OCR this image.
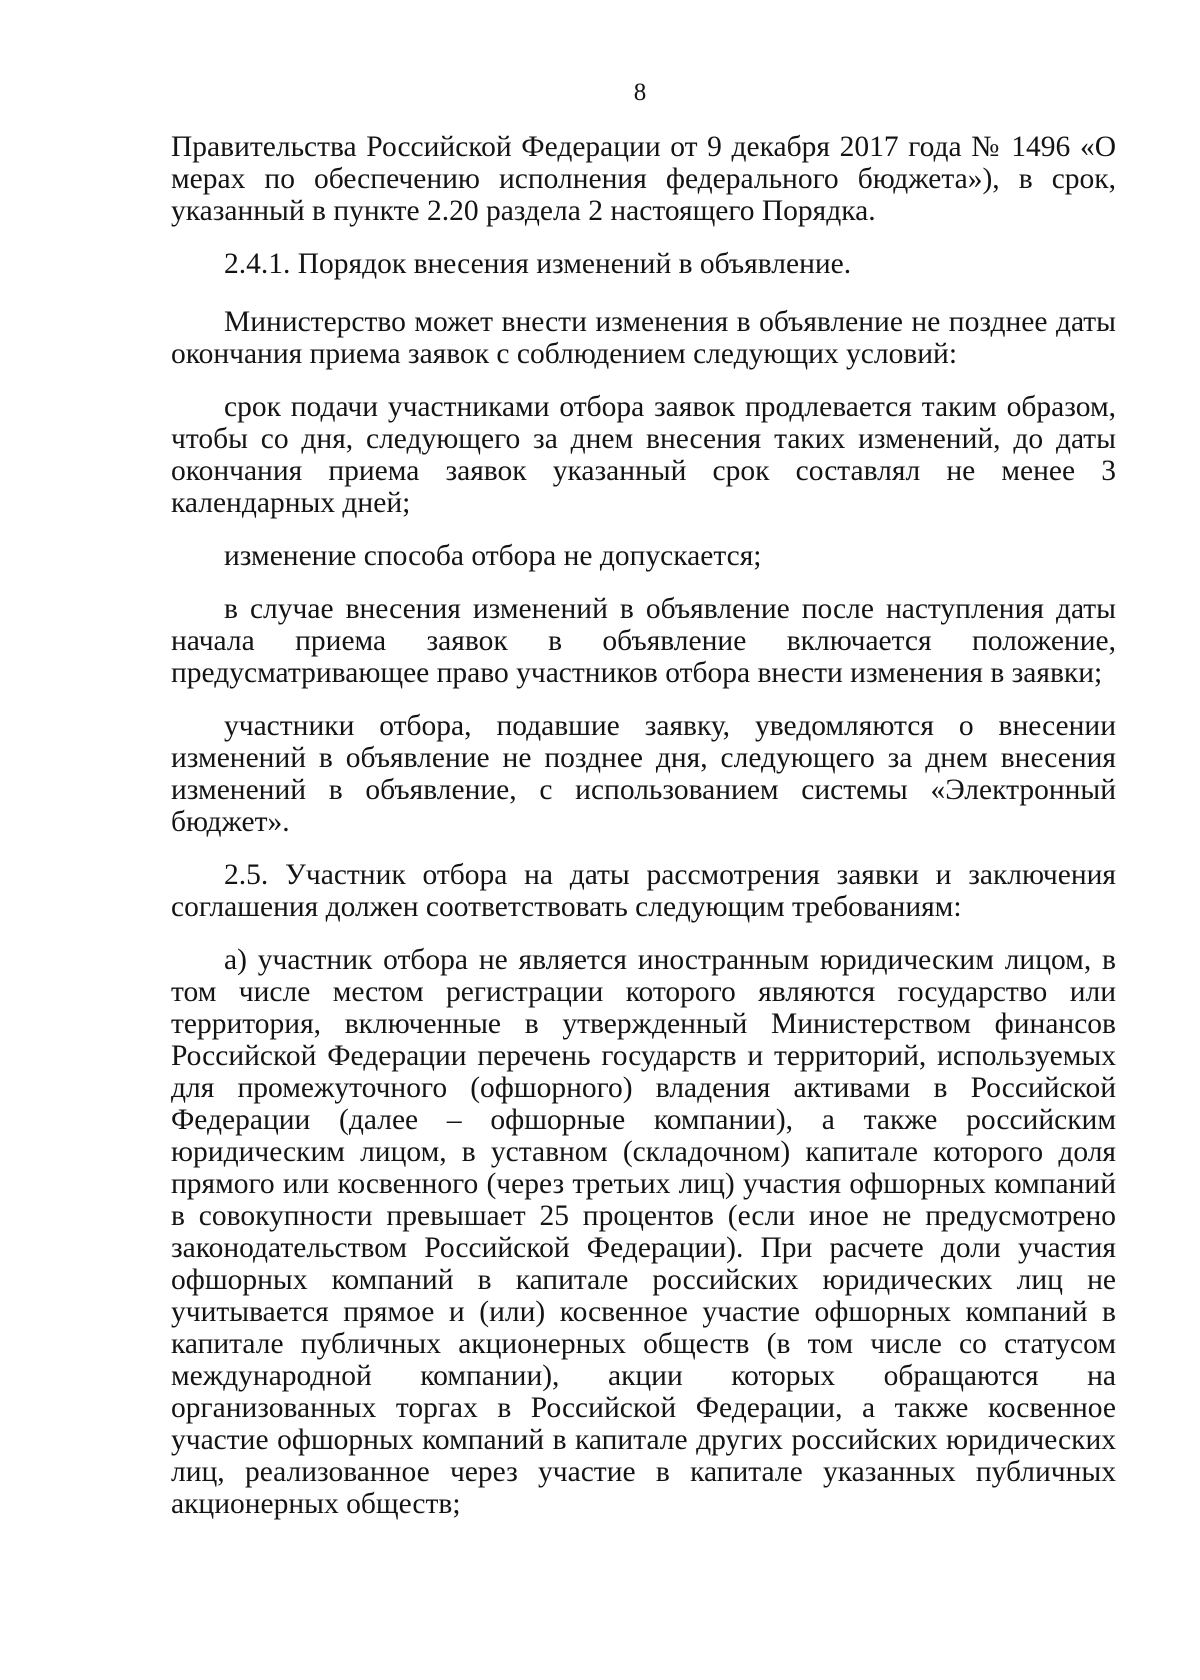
8

Правительства Российской Федерации от 9 декабря 2017 года № 1496 «О мерах по обеспечению исполнения федерального бюджета»), в срок, указанный в пункте 2.20 раздела 2 настоящего Порядка.

2.4.1. Порядок внесения изменений в объявление.

Министерство может внести изменения в объявление не позднее даты окончания приема заявок с соблюдением следующих условий:

срок подачи участниками отбора заявок продлевается таким образом, чтобы со дня, следующего за днем внесения таких изменений, до даты окончания приема заявок указанный срок составлял не менее 3 календарных дней;

изменение способа отбора не допускается;

в случае внесения изменений в объявление после наступления даты начала приема заявок в объявление включается положение, предусматривающее право участников отбора внести изменения в заявки;

участники отбора, подавшие заявку, уведомляются о внесении изменений в объявление не позднее дня, следующего за днем внесения изменений в объявление, с использованием системы «Электронный бюджет».

2.5. Участник отбора на даты рассмотрения заявки и заключения соглашения должен соответствовать следующим требованиям:

а) участник отбора не является иностранным юридическим лицом, в том числе местом регистрации которого являются государство или территория, включенные в утвержденный Министерством финансов Российской Федерации перечень государств и территорий, используемых для промежуточного (офшорного) владения активами в Российской Федерации (далее – офшорные компании), а также российским юридическим лицом, в уставном (складочном) капитале которого доля прямого или косвенного (через третьих лиц) участия офшорных компаний в совокупности превышает 25 процентов (если иное не предусмотрено законодательством Российской Федерации). При расчете доли участия офшорных компаний в капитале российских юридических лиц не учитывается прямое и (или) косвенное участие офшорных компаний в капитале публичных акционерных обществ (в том числе со статусом международной компании), акции которых обращаются на организованных торгах в Российской Федерации, а также косвенное участие офшорных компаний в капитале других российских юридических лиц, реализованное через участие в капитале указанных публичных акционерных обществ;
